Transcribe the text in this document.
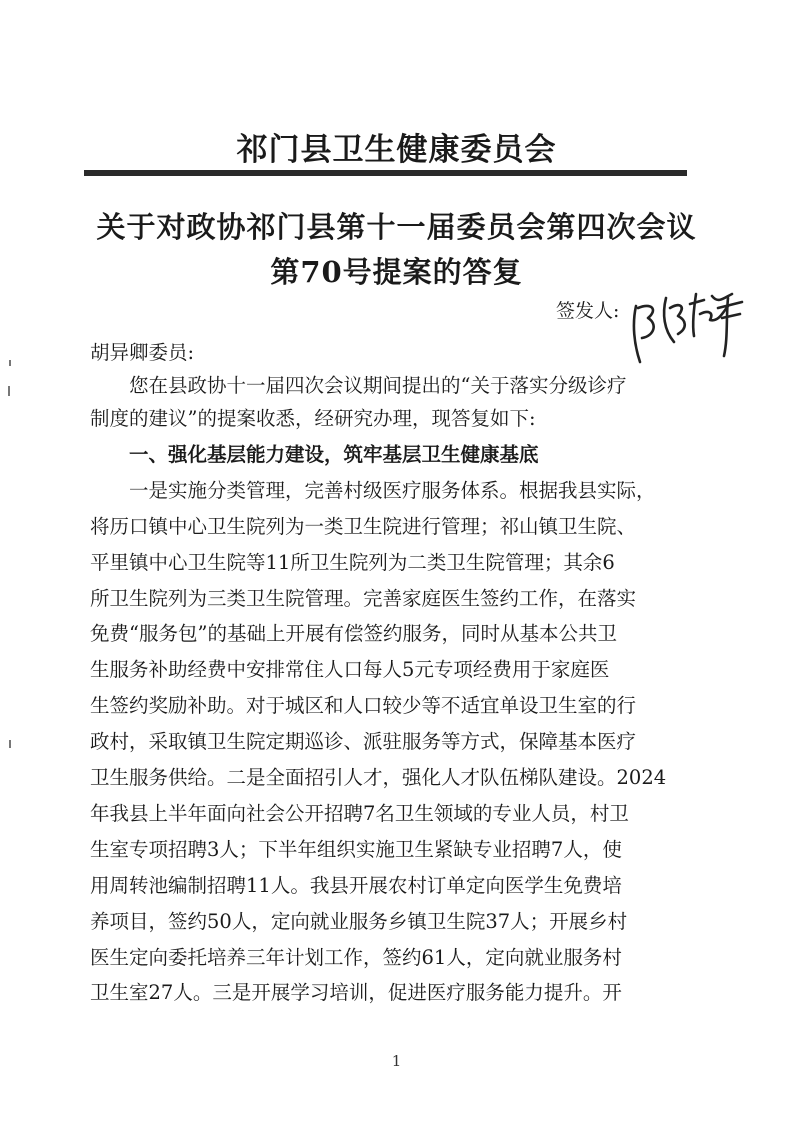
祁门县卫生健康委员会
关于对政协祁门县第十一届委员会第四次会议
第70号提案的答复
签发人:
胡异卿委员:
　　您在县政协十一届四次会议期间提出的“关于落实分级诊疗
制度的建议”的提案收悉，经研究办理，现答复如下:
　　一、强化基层能力建设，筑牢基层卫生健康基底
　　一是实施分类管理，完善村级医疗服务体系。根据我县实际，
将历口镇中心卫生院列为一类卫生院进行管理；祁山镇卫生院、
平里镇中心卫生院等11所卫生院列为二类卫生院管理；其余6
所卫生院列为三类卫生院管理。完善家庭医生签约工作，在落实
免费“服务包”的基础上开展有偿签约服务，同时从基本公共卫
生服务补助经费中安排常住人口每人5元专项经费用于家庭医
生签约奖励补助。对于城区和人口较少等不适宜单设卫生室的行
政村，采取镇卫生院定期巡诊、派驻服务等方式，保障基本医疗
卫生服务供给。二是全面招引人才，强化人才队伍梯队建设。2024
年我县上半年面向社会公开招聘7名卫生领域的专业人员，村卫
生室专项招聘3人；下半年组织实施卫生紧缺专业招聘7人，使
用周转池编制招聘11人。我县开展农村订单定向医学生免费培
养项目，签约50人，定向就业服务乡镇卫生院37人；开展乡村
医生定向委托培养三年计划工作，签约61人，定向就业服务村
卫生室27人。三是开展学习培训，促进医疗服务能力提升。开
1
